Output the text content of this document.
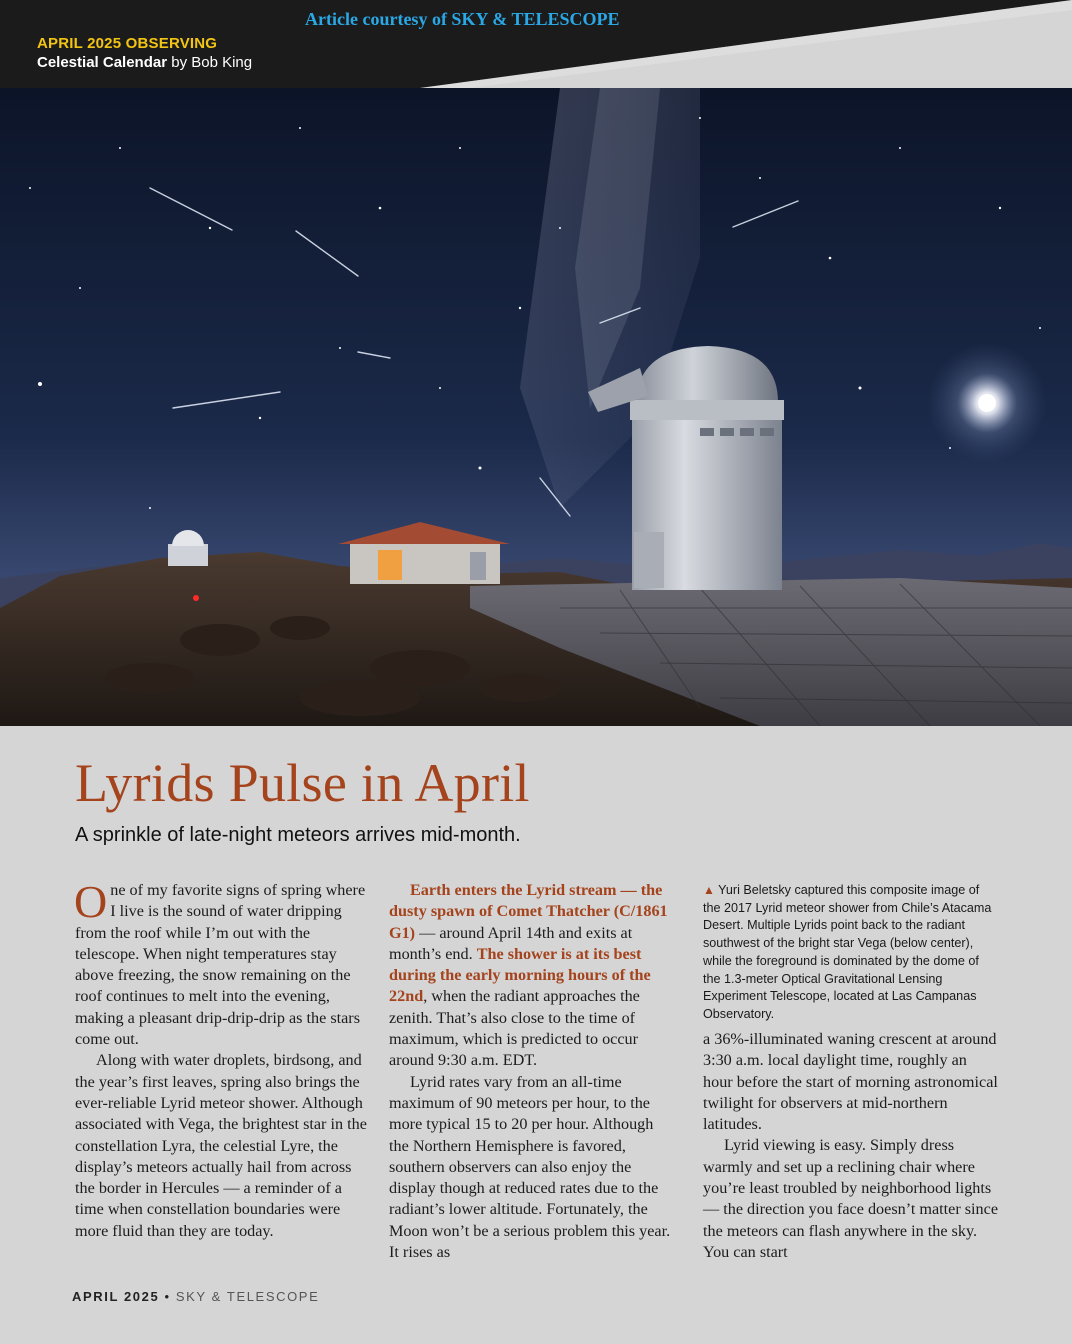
Article courtesy of SKY & TELESCOPE
APRIL 2025 OBSERVING
Celestial Calendar by Bob King
Lyrids Pulse in April
A sprinkle of late-night meteors arrives mid-month.

One of my favorite signs of spring where I live is the sound of water dripping from the roof while I’m out with the telescope. When night temperatures stay above freezing, the snow remaining on the roof continues to melt into the evening, making a pleasant drip-drip-drip as the stars come out.

Along with water droplets, birdsong, and the year’s first leaves, spring also brings the ever-reliable Lyrid meteor shower. Although associated with Vega, the brightest star in the constellation Lyra, the celestial Lyre, the display’s meteors actually hail from across the border in Hercules — a reminder of a time when constellation boundaries were more fluid than they are today.

Earth enters the Lyrid stream — the dusty spawn of Comet Thatcher (C/1861 G1) — around April 14th and exits at month’s end. The shower is at its best during the early morning hours of the 22nd, when the radiant approaches the zenith. That’s also close to the time of maximum, which is predicted to occur around 9:30 a.m. EDT.

Lyrid rates vary from an all-time maximum of 90 meteors per hour, to the more typical 15 to 20 per hour. Although the Northern Hemisphere is favored, southern observers can also enjoy the display though at reduced rates due to the radiant’s lower altitude. Fortunately, the Moon won’t be a serious problem this year. It rises as

▲ Yuri Beletsky captured this composite image of the 2017 Lyrid meteor shower from Chile’s Atacama Desert. Multiple Lyrids point back to the radiant southwest of the bright star Vega (below center), while the foreground is dominated by the dome of the 1.3-meter Optical Gravitational Lensing Experiment Telescope, located at Las Campanas Observatory.

a 36%-illuminated waning crescent at around 3:30 a.m. local daylight time, roughly an hour before the start of morning astronomical twilight for observers at mid-northern latitudes.

Lyrid viewing is easy. Simply dress warmly and set up a reclining chair where you’re least troubled by neighborhood lights — the direction you face doesn’t matter since the meteors can flash anywhere in the sky. You can start

APRIL 2025 • SKY & TELESCOPE
